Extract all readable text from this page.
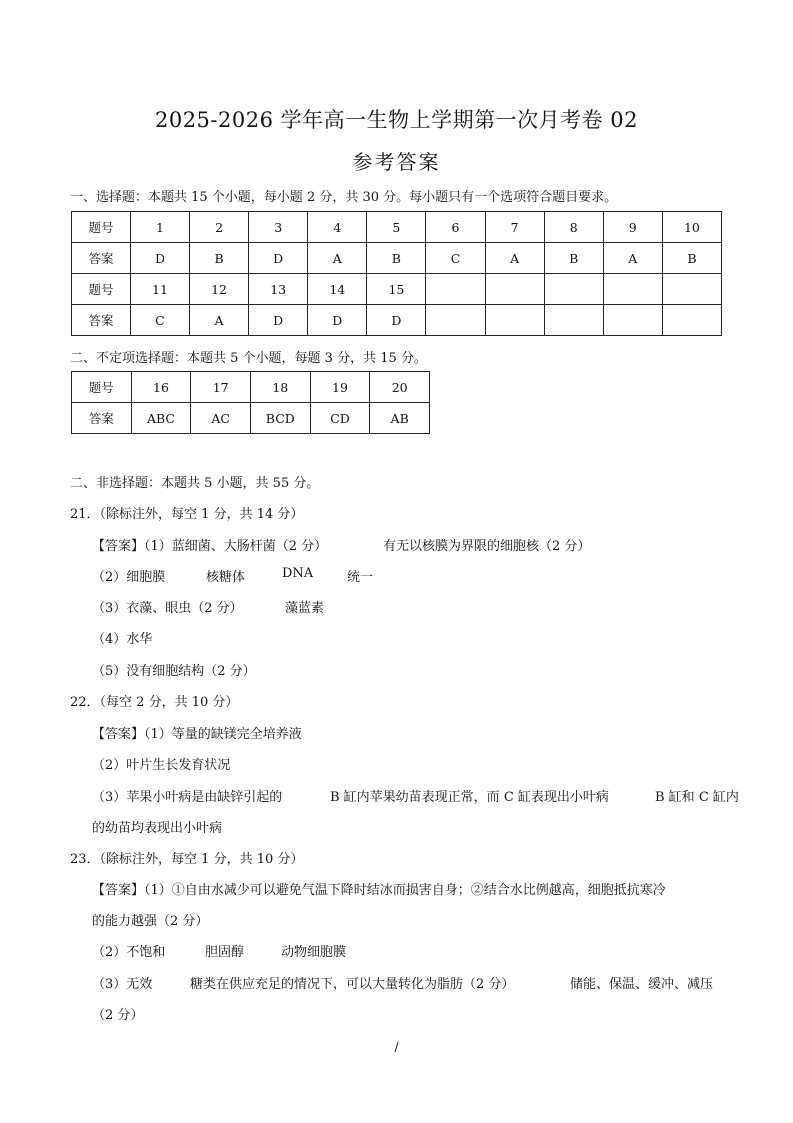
2025-2026 学年高一生物上学期第一次月考卷 02
参考答案
一、选择题：本题共 15 个小题，每小题 2 分，共 30 分。每小题只有一个选项符合题目要求。
题号	1	2	3	4	5	6	7	8	9	10
答案	D	B	D	A	B	C	A	B	A	B
题号	11	12	13	14	15					
答案	C	A	D	D	D					
二、不定项选择题：本题共 5 个小题，每题 3 分，共 15 分。
题号	16	17	18	19	20
答案	ABC	AC	BCD	CD	AB
二、非选择题：本题共 5 小题，共 55 分。
21．（除标注外，每空 1 分，共 14 分）
【答案】（1）蓝细菌、大肠杆菌（2 分）	有无以核膜为界限的细胞核（2 分）
（2）细胞膜	核糖体	DNA	统一
（3）衣藻、眼虫（2 分）	藻蓝素
（4）水华
（5）没有细胞结构（2 分）
22．（每空 2 分，共 10 分）
【答案】（1）等量的缺镁完全培养液
（2）叶片生长发育状况
（3）苹果小叶病是由缺锌引起的	B 缸内苹果幼苗表现正常，而 C 缸表现出小叶病	B 缸和 C 缸内
的幼苗均表现出小叶病
23．（除标注外，每空 1 分，共 10 分）
【答案】（1）①自由水减少可以避免气温下降时结冰而损害自身；②结合水比例越高，细胞抵抗寒冷
的能力越强（2 分）
（2）不饱和	胆固醇	动物细胞膜
（3）无效	糖类在供应充足的情况下，可以大量转化为脂肪（2 分）	储能、保温、缓冲、减压
（2 分）
/
